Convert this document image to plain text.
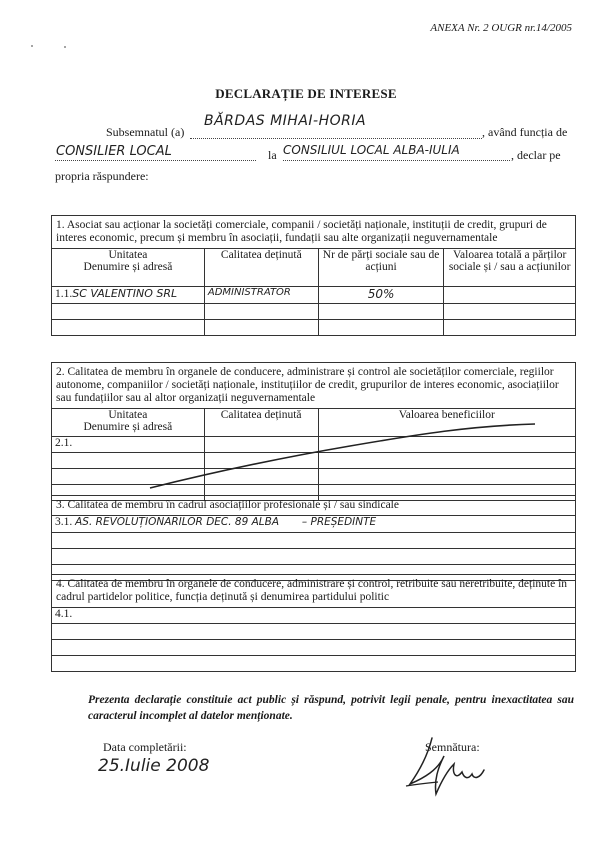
ANEXA Nr. 2 OUGR nr.14/2005
DECLARAȚIE DE INTERESE
Subsemnatul (a)
BĂRDAS MIHAI-HORIA
, având funcția de
CONSILIER LOCAL	la CONSILIUL LOCAL ALBA-IULIA	, declar pe
propria răspundere:
1. Asociat sau acționar la societăți comerciale, companii / societăți naționale, instituții de credit, grupuri de interes economic, precum și membru în asociații, fundații sau alte organizații neguvernamentale			
Unitatea
Denumire și adresă	Calitatea deținută	Nr de părți sociale sau de acțiuni	Valoarea totală a părților sociale și / sau a acțiunilor
1.1.SC VALENTINO SRL	ADMINISTRATOR	50%	

2. Calitatea de membru în organele de conducere, administrare și control ale societăților comerciale, regiilor autonome, companiilor / societăți naționale, instituțiilor de credit, grupurilor de interes economic, asociațiilor sau fundațiilor sau al altor organizații neguvernamentale		
Unitatea
Denumire și adresă	Calitatea deținută	Valoarea beneficiilor
2.1.		

3. Calitatea de membru în cadrul asociațiilor profesionale și / sau sindicale
3.1. AS. REVOLUȚIONARILOR DEC. 89 ALBA – PREȘEDINTE

4. Calitatea de membru în organele de conducere, administrare și control, retribuite sau neretribuite, deținute în cadrul partidelor politice, funcția deținută și denumirea partidului politic
4.1.

Prezenta declarație constituie act public și răspund, potrivit legii penale, pentru inexactitatea sau caracterul incomplet al datelor menționate.
Data completării:
25.Iulie 2008
Semnătura:
